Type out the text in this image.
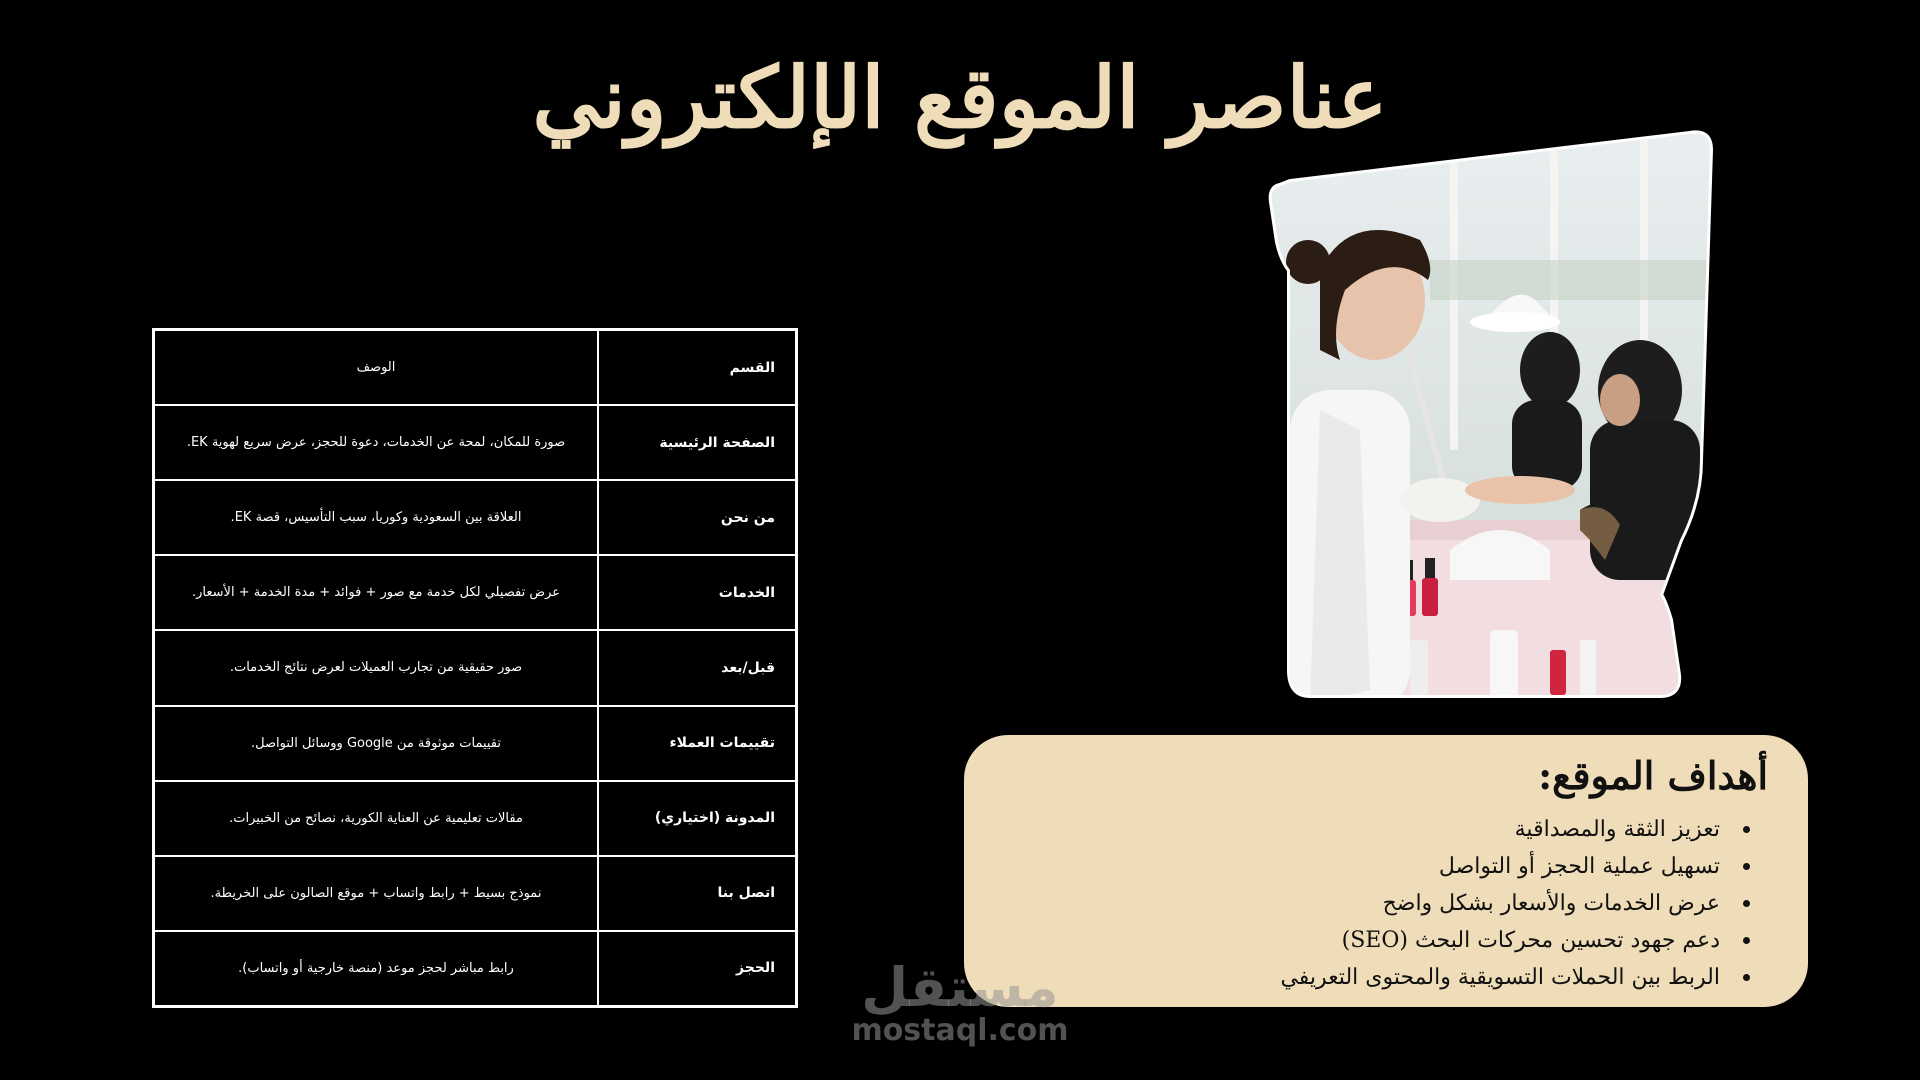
عناصر الموقع الإلكتروني
القسم	الوصف
الصفحة الرئيسية	صورة للمكان، لمحة عن الخدمات، دعوة للحجز، عرض سريع لهوية EK.
من نحن	العلاقة بين السعودية وكوريا، سبب التأسيس، قصة EK.
الخدمات	عرض تفصيلي لكل خدمة مع صور + فوائد + مدة الخدمة + الأسعار.
قبل/بعد	صور حقيقية من تجارب العميلات لعرض نتائج الخدمات.
تقييمات العملاء	تقييمات موثوقة من Google ووسائل التواصل.
المدونة (اختياري)	مقالات تعليمية عن العناية الكورية، نصائح من الخبيرات.
اتصل بنا	نموذج بسيط + رابط واتساب + موقع الصالون على الخريطة.
الحجز	رابط مباشر لحجز موعد (منصة خارجية أو واتساب).
أهداف الموقع:
تعزيز الثقة والمصداقية
تسهيل عملية الحجز أو التواصل
عرض الخدمات والأسعار بشكل واضح
دعم جهود تحسين محركات البحث (SEO)
الربط بين الحملات التسويقية والمحتوى التعريفي
مستقل
mostaql.com
